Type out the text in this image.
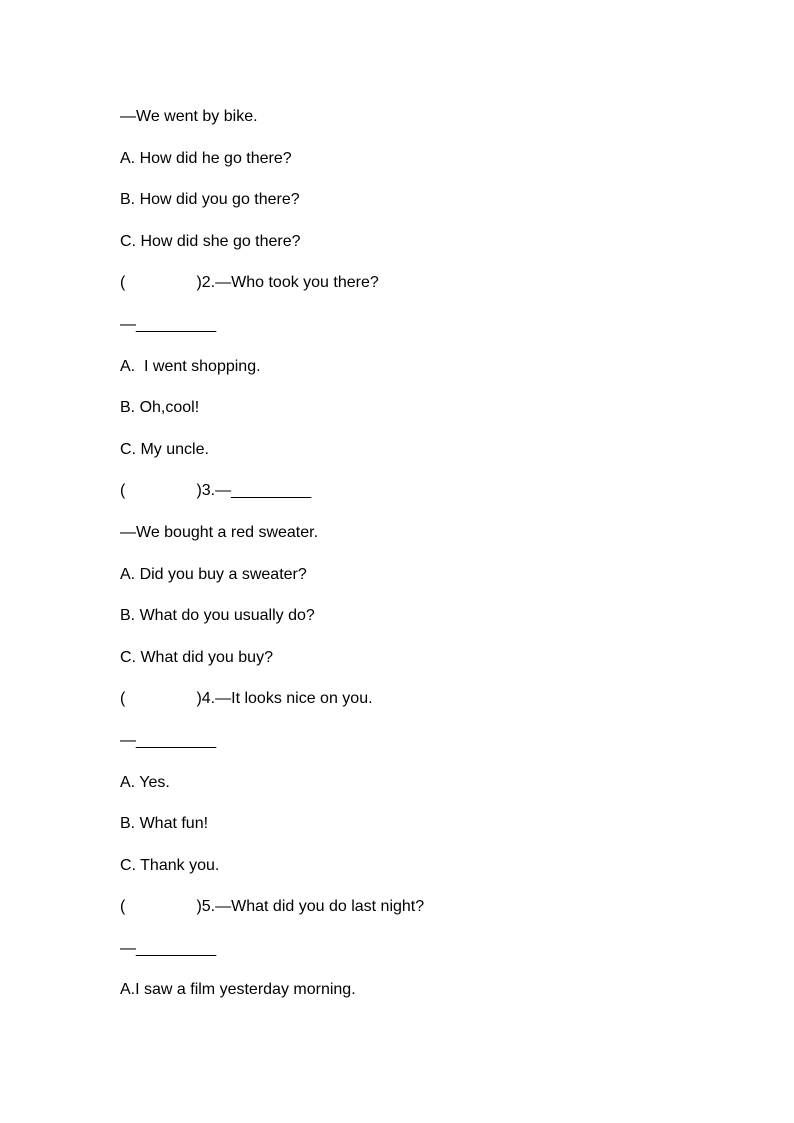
—We went by bike.
A. How did he go there?
B. How did you go there?
C. How did she go there?
(                )2.—Who took you there?
—_________
A.  I went shopping.
B. Oh,cool!
C. My uncle.
(                )3.—_________
—We bought a red sweater.
A. Did you buy a sweater?
B. What do you usually do?
C. What did you buy?
(                )4.—It looks nice on you.
—_________
A. Yes.
B. What fun!
C. Thank you.
(                )5.—What did you do last night?
—_________
A.I saw a film yesterday morning.
